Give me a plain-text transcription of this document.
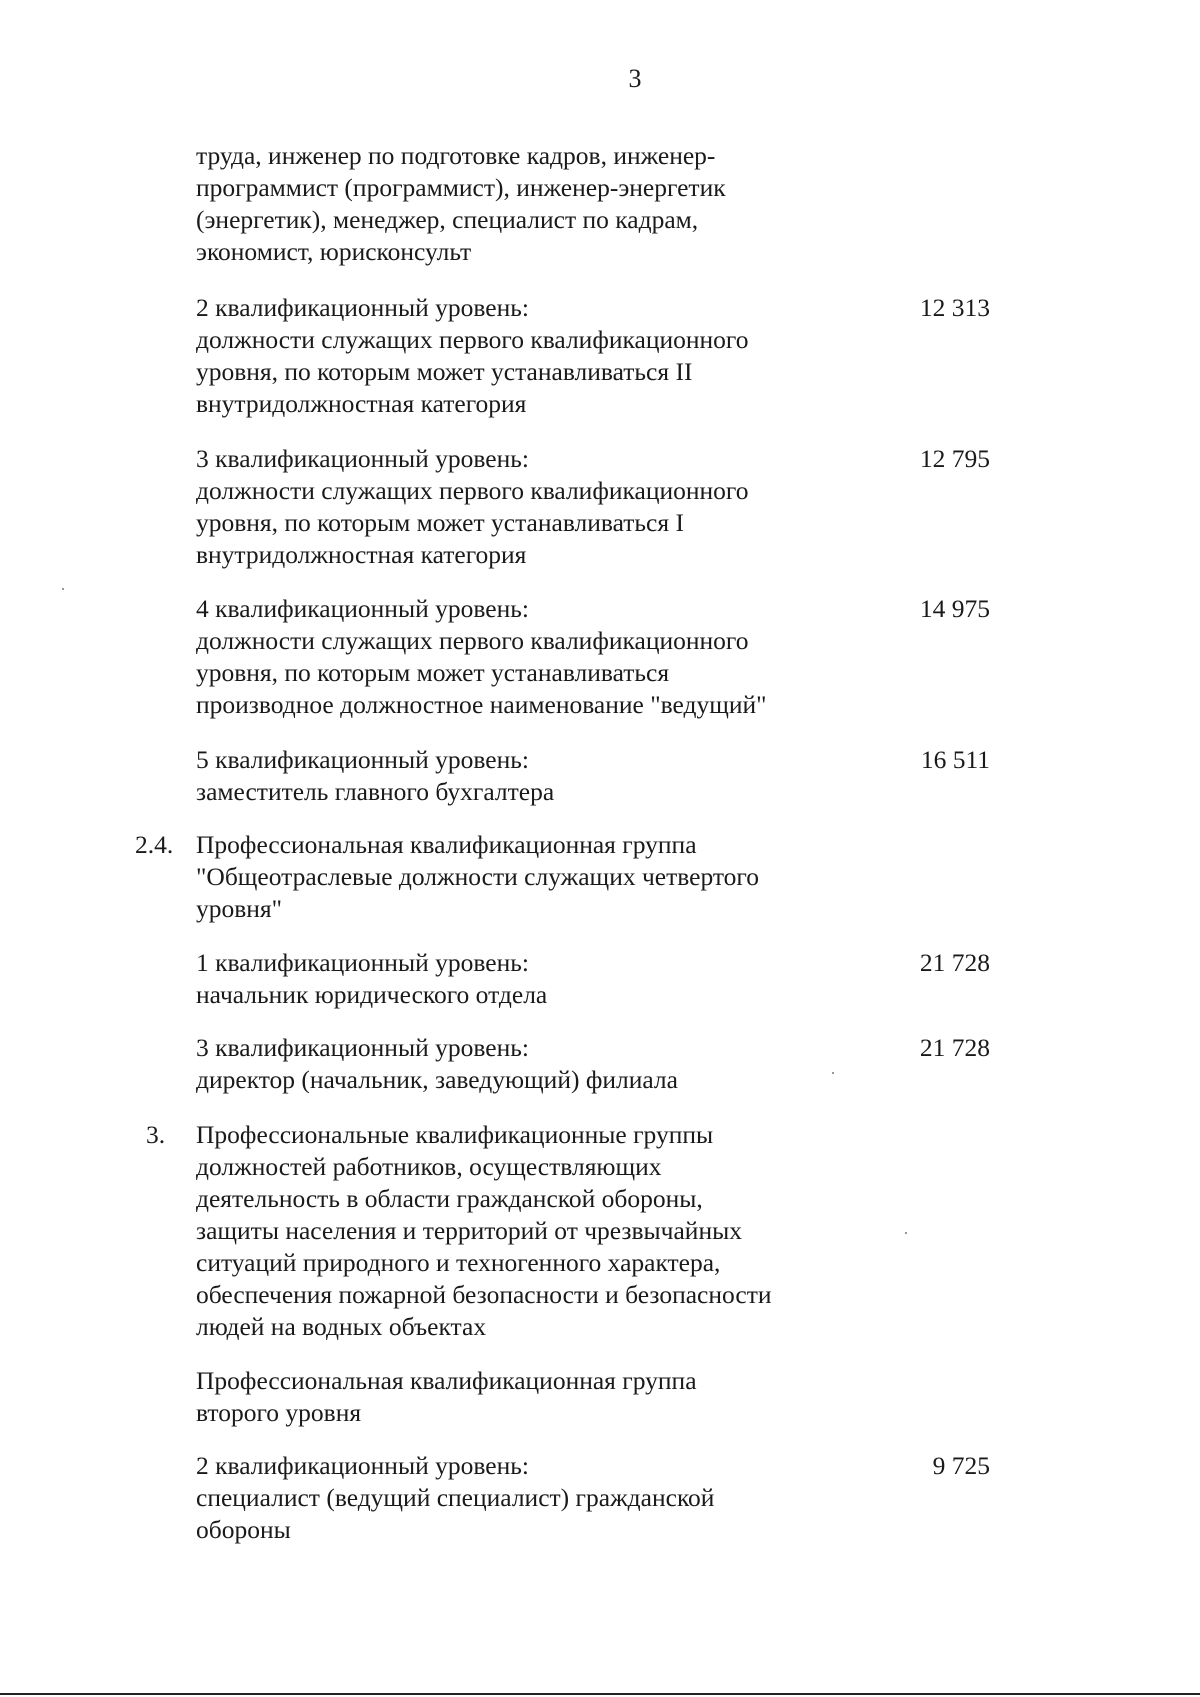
3
труда, инженер по подготовке кадров, инженер-
программист (программист), инженер-энергетик
(энергетик), менеджер, специалист по кадрам,
экономист, юрисконсульт
2 квалификационный уровень:
должности служащих первого квалификационного
уровня, по которым может устанавливаться II
внутридолжностная категория
12 313
3 квалификационный уровень:
должности служащих первого квалификационного
уровня, по которым может устанавливаться I
внутридолжностная категория
12 795
4 квалификационный уровень:
должности служащих первого квалификационного
уровня, по которым может устанавливаться
производное должностное наименование "ведущий"
14 975
5 квалификационный уровень:
заместитель главного бухгалтера
16 511
2.4. Профессиональная квалификационная группа
"Общеотраслевые должности служащих четвертого
уровня"
1 квалификационный уровень:
начальник юридического отдела
21 728
3 квалификационный уровень:
директор (начальник, заведующий) филиала
21 728
3. Профессиональные квалификационные группы
должностей работников, осуществляющих
деятельность в области гражданской обороны,
защиты населения и территорий от чрезвычайных
ситуаций природного и техногенного характера,
обеспечения пожарной безопасности и безопасности
людей на водных объектах
Профессиональная квалификационная группа
второго уровня
2 квалификационный уровень:
специалист (ведущий специалист) гражданской
обороны
9 725
